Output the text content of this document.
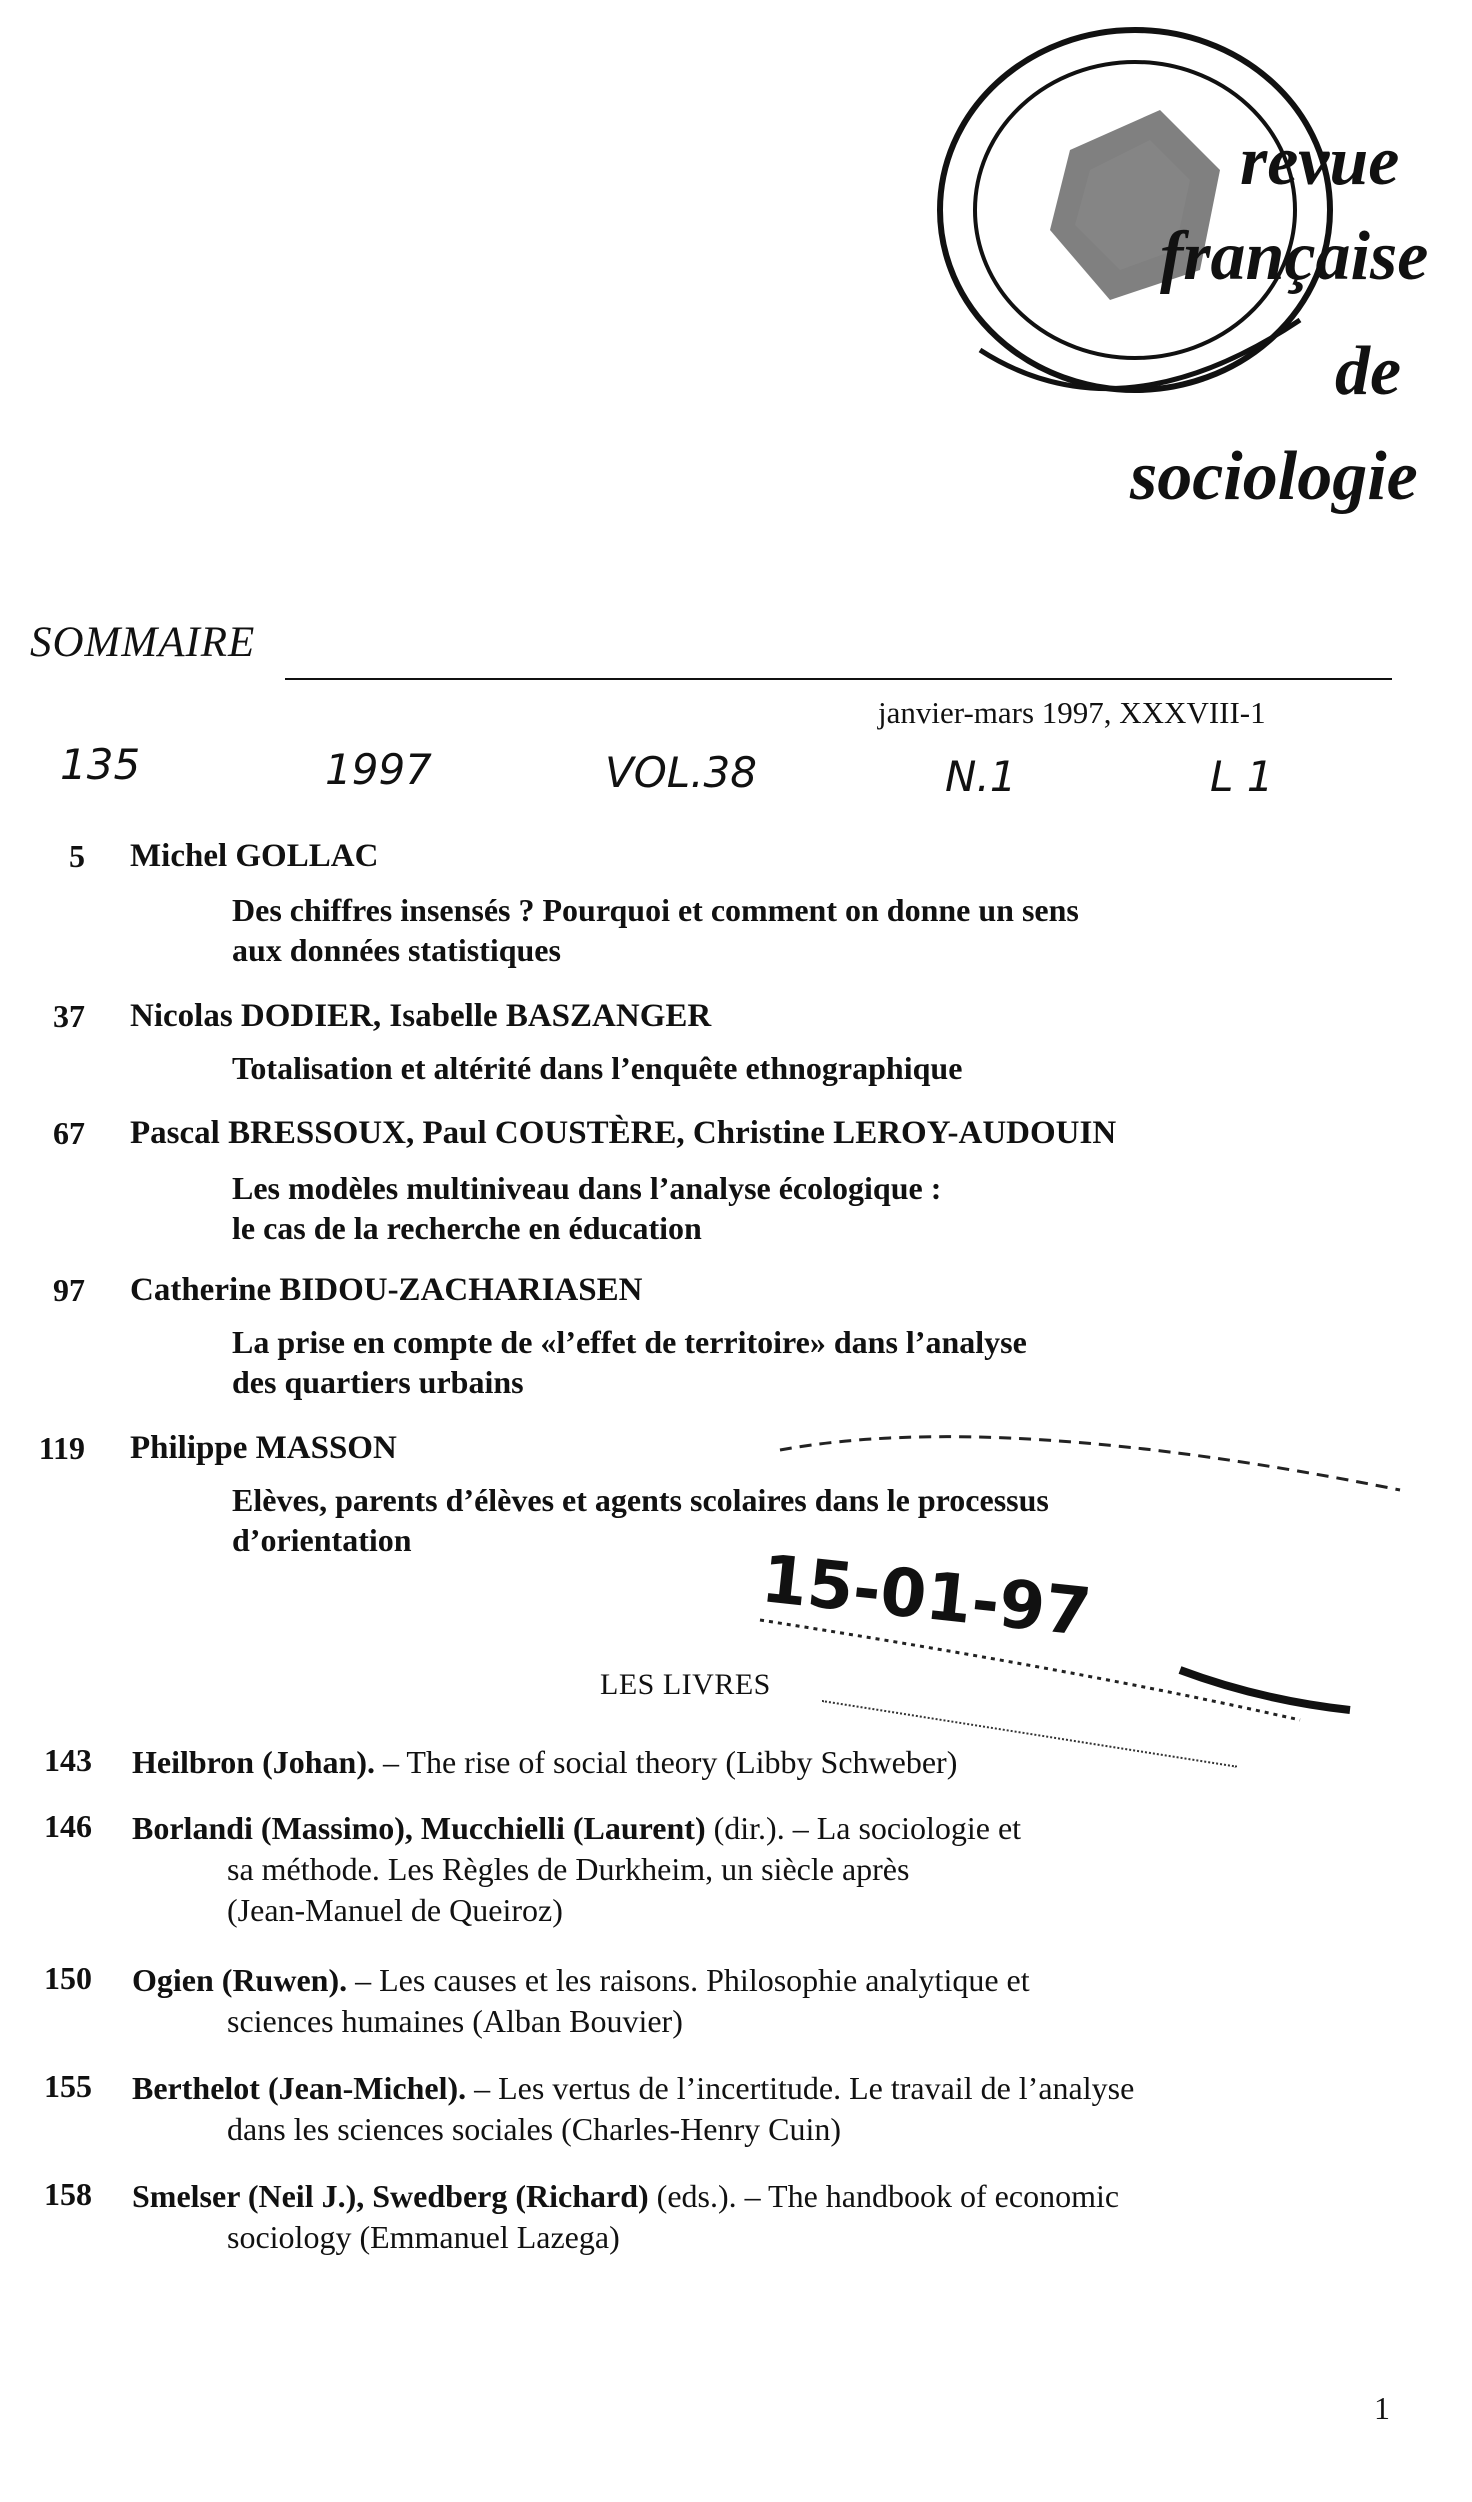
revue
française
de
sociologie
SOMMAIRE
janvier-mars 1997, XXXVIII-1
135	1997	VOL.38	N.1	L 1
5 Michel GOLLAC
Des chiffres insensés ? Pourquoi et comment on donne un sens
aux données statistiques
37 Nicolas DODIER, Isabelle BASZANGER
Totalisation et altérité dans l’enquête ethnographique
67 Pascal BRESSOUX, Paul COUSTÈRE, Christine LEROY-AUDOUIN
Les modèles multiniveau dans l’analyse écologique :
le cas de la recherche en éducation
97 Catherine BIDOU-ZACHARIASEN
La prise en compte de «l’effet de territoire» dans l’analyse
des quartiers urbains
119 Philippe MASSON
Elèves, parents d’élèves et agents scolaires dans le processus
d’orientation
15-01-97
LES LIVRES
143 Heilbron (Johan). – The rise of social theory (Libby Schweber)
146 Borlandi (Massimo), Mucchielli (Laurent) (dir.). – La sociologie et
sa méthode. Les Règles de Durkheim, un siècle après
(Jean-Manuel de Queiroz)
150 Ogien (Ruwen). – Les causes et les raisons. Philosophie analytique et
sciences humaines (Alban Bouvier)
155 Berthelot (Jean-Michel). – Les vertus de l’incertitude. Le travail de l’analyse
dans les sciences sociales (Charles-Henry Cuin)
158 Smelser (Neil J.), Swedberg (Richard) (eds.). – The handbook of economic
sociology (Emmanuel Lazega)
1
